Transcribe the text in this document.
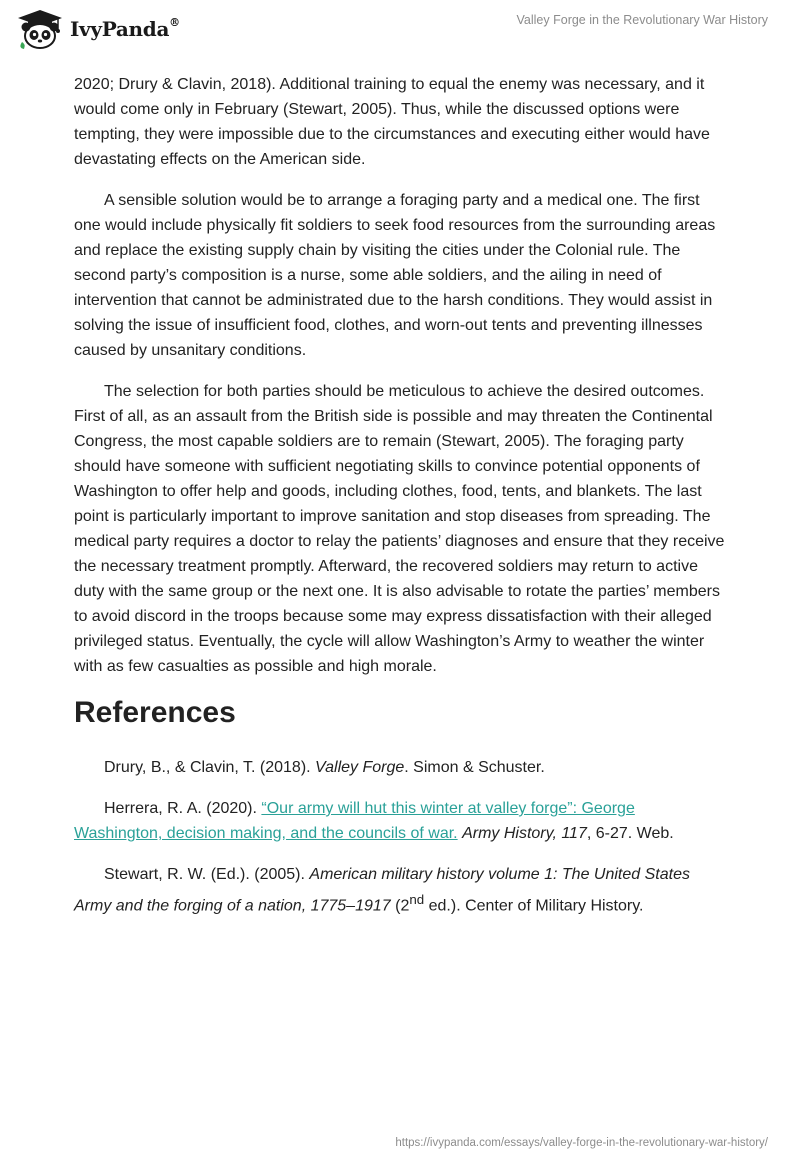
IvyPanda®	Valley Forge in the Revolutionary War History

2020; Drury & Clavin, 2018). Additional training to equal the enemy was necessary, and it would come only in February (Stewart, 2005). Thus, while the discussed options were tempting, they were impossible due to the circumstances and executing either would have devastating effects on the American side.

A sensible solution would be to arrange a foraging party and a medical one. The first one would include physically fit soldiers to seek food resources from the surrounding areas and replace the existing supply chain by visiting the cities under the Colonial rule. The second party’s composition is a nurse, some able soldiers, and the ailing in need of intervention that cannot be administrated due to the harsh conditions. They would assist in solving the issue of insufficient food, clothes, and worn-out tents and preventing illnesses caused by unsanitary conditions.

The selection for both parties should be meticulous to achieve the desired outcomes. First of all, as an assault from the British side is possible and may threaten the Continental Congress, the most capable soldiers are to remain (Stewart, 2005). The foraging party should have someone with sufficient negotiating skills to convince potential opponents of Washington to offer help and goods, including clothes, food, tents, and blankets. The last point is particularly important to improve sanitation and stop diseases from spreading. The medical party requires a doctor to relay the patients’ diagnoses and ensure that they receive the necessary treatment promptly. Afterward, the recovered soldiers may return to active duty with the same group or the next one. It is also advisable to rotate the parties’ members to avoid discord in the troops because some may express dissatisfaction with their alleged privileged status. Eventually, the cycle will allow Washington’s Army to weather the winter with as few casualties as possible and high morale.

References

Drury, B., & Clavin, T. (2018). Valley Forge. Simon & Schuster.

Herrera, R. A. (2020). “Our army will hut this winter at valley forge”: George Washington, decision making, and the councils of war. Army History, 117, 6-27. Web.

Stewart, R. W. (Ed.). (2005). American military history volume 1: The United States Army and the forging of a nation, 1775–1917 (2nd ed.). Center of Military History.

https://ivypanda.com/essays/valley-forge-in-the-revolutionary-war-history/
